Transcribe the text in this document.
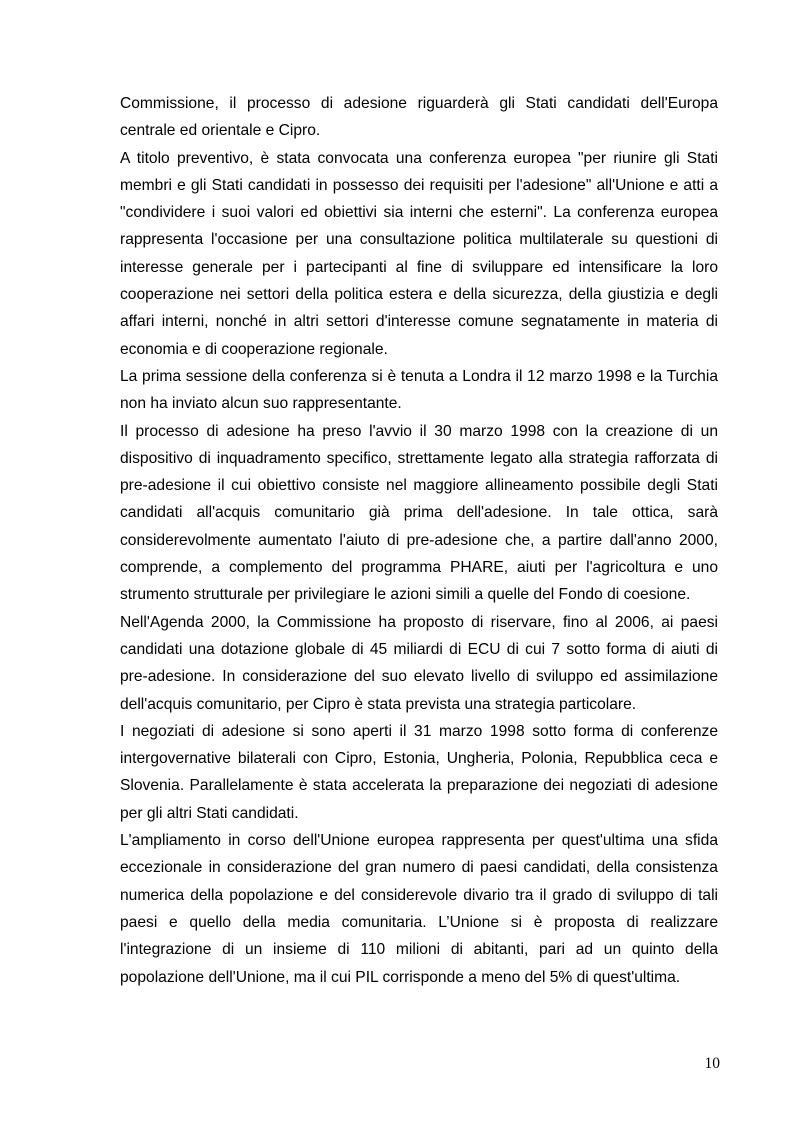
Commissione, il processo di adesione riguarderà gli Stati candidati dell'Europa centrale ed orientale e Cipro.

A titolo preventivo, è stata convocata una conferenza europea "per riunire gli Stati membri e gli Stati candidati in possesso dei requisiti per l'adesione" all'Unione e atti a "condividere i suoi valori ed obiettivi sia interni che esterni". La conferenza europea rappresenta l'occasione per una consultazione politica multilaterale su questioni di interesse generale per i partecipanti al fine di sviluppare ed intensificare la loro cooperazione nei settori della politica estera e della sicurezza, della giustizia e degli affari interni, nonché in altri settori d'interesse comune segnatamente in materia di economia e di cooperazione regionale.

La prima sessione della conferenza si è tenuta a Londra il 12 marzo 1998 e la Turchia non ha inviato alcun suo rappresentante.

Il processo di adesione ha preso l'avvio il 30 marzo 1998 con la creazione di un dispositivo di inquadramento specifico, strettamente legato alla strategia rafforzata di pre-adesione il cui obiettivo consiste nel maggiore allineamento possibile degli Stati candidati all'acquis comunitario già prima dell'adesione. In tale ottica, sarà considerevolmente aumentato l'aiuto di pre-adesione che, a partire dall'anno 2000, comprende, a complemento del programma PHARE, aiuti per l'agricoltura e uno strumento strutturale per privilegiare le azioni simili a quelle del Fondo di coesione.

Nell'Agenda 2000, la Commissione ha proposto di riservare, fino al 2006, ai paesi candidati una dotazione globale di 45 miliardi di ECU di cui 7 sotto forma di aiuti di pre-adesione. In considerazione del suo elevato livello di sviluppo ed assimilazione dell'acquis comunitario, per Cipro è stata prevista una strategia particolare.

I negoziati di adesione si sono aperti il 31 marzo 1998 sotto forma di conferenze intergovernative bilaterali con Cipro, Estonia, Ungheria, Polonia, Repubblica ceca e Slovenia. Parallelamente è stata accelerata la preparazione dei negoziati di adesione per gli altri Stati candidati.

L'ampliamento in corso dell'Unione europea rappresenta per quest'ultima una sfida eccezionale in considerazione del gran numero di paesi candidati, della consistenza numerica della popolazione e del considerevole divario tra il grado di sviluppo di tali paesi e quello della media comunitaria. L’Unione si è proposta di realizzare l'integrazione di un insieme di 110 milioni di abitanti, pari ad un quinto della popolazione dell'Unione, ma il cui PIL corrisponde a meno del 5% di quest'ultima.

10
